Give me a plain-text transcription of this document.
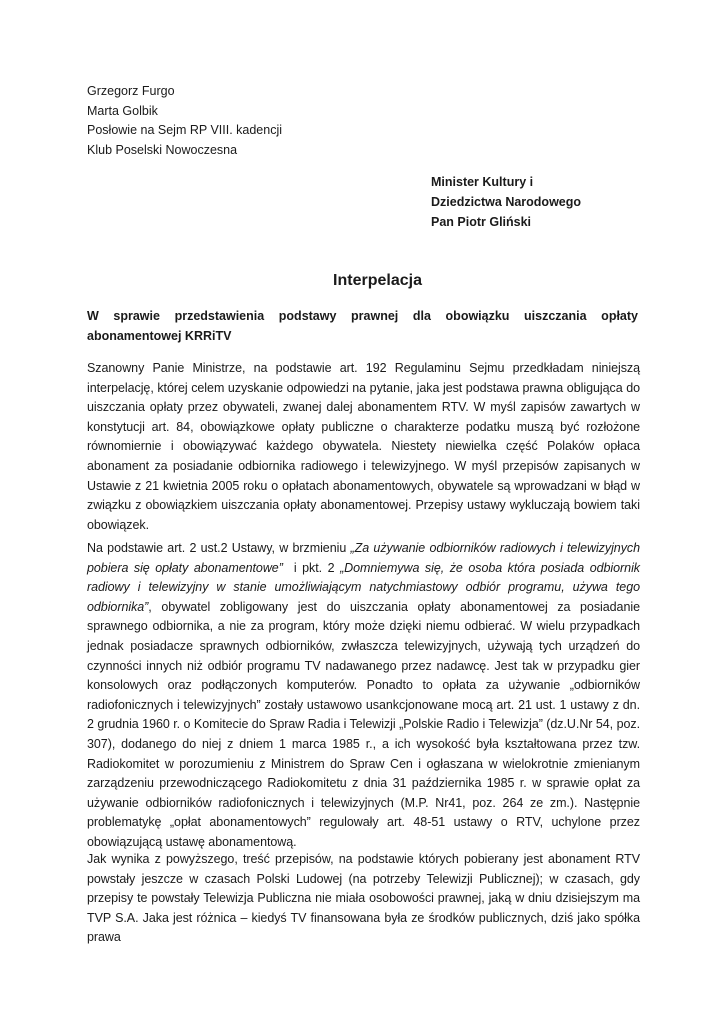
Grzegorz Furgo
Marta Golbik
Posłowie na Sejm RP VIII. kadencji
Klub Poselski Nowoczesna
Minister Kultury i
Dziedzictwa Narodowego
Pan Piotr Gliński
Interpelacja
W sprawie przedstawienia podstawy prawnej dla obowiązku uiszczania opłaty abonamentowej KRRiTV

Szanowny Panie Ministrze, na podstawie art. 192 Regulaminu Sejmu przedkładam niniejszą interpelację, której celem uzyskanie odpowiedzi na pytanie, jaka jest podstawa prawna obligująca do uiszczania opłaty przez obywateli, zwanej dalej abonamentem RTV. W myśl zapisów zawartych w konstytucji art. 84, obowiązkowe opłaty publiczne o charakterze podatku muszą być rozłożone równomiernie i obowiązywać każdego obywatela. Niestety niewielka część Polaków opłaca abonament za posiadanie odbiornika radiowego i telewizyjnego. W myśl przepisów zapisanych w Ustawie z 21 kwietnia 2005 roku o opłatach abonamentowych, obywatele są wprowadzani w błąd w związku z obowiązkiem uiszczania opłaty abonamentowej. Przepisy ustawy wykluczają bowiem taki obowiązek.

Na podstawie art. 2 ust.2 Ustawy, w brzmieniu „Za używanie odbiorników radiowych i telewizyjnych pobiera się opłaty abonamentowe”  i pkt. 2 „Domniemywa się, że osoba która posiada odbiornik radiowy i telewizyjny w stanie umożliwiającym natychmiastowy odbiór programu, używa tego odbiornika”, obywatel zobligowany jest do uiszczania opłaty abonamentowej za posiadanie sprawnego odbiornika, a nie za program, który może dzięki niemu odbierać. W wielu przypadkach jednak posiadacze sprawnych odbiorników, zwłaszcza telewizyjnych, używają tych urządzeń do czynności innych niż odbiór programu TV nadawanego przez nadawcę. Jest tak w przypadku gier konsolowych oraz podłączonych komputerów. Ponadto to opłata za używanie „odbiorników radiofonicznych i telewizyjnych” zostały ustawowo usankcjonowane mocą art. 21 ust. 1 ustawy z dn. 2 grudnia 1960 r. o Komitecie do Spraw Radia i Telewizji „Polskie Radio i Telewizja” (dz.U.Nr 54, poz. 307), dodanego do niej z dniem 1 marca 1985 r., a ich wysokość była kształtowana przez tzw. Radiokomitet w porozumieniu z Ministrem do Spraw Cen i ogłaszana w wielokrotnie zmienianym zarządzeniu przewodniczącego Radiokomitetu z dnia 31 października 1985 r. w sprawie opłat za używanie odbiorników radiofonicznych i telewizyjnych (M.P. Nr41, poz. 264 ze zm.). Następnie problematykę „opłat abonamentowych” regulowały art. 48-51 ustawy o RTV, uchylone przez obowiązującą ustawę abonamentową.

Jak wynika z powyższego, treść przepisów, na podstawie których pobierany jest abonament RTV powstały jeszcze w czasach Polski Ludowej (na potrzeby Telewizji Publicznej); w czasach, gdy przepisy te powstały Telewizja Publiczna nie miała osobowości prawnej, jaką w dniu dzisiejszym ma TVP S.A. Jaka jest różnica – kiedyś TV finansowana była ze środków publicznych, dziś jako spółka prawa
